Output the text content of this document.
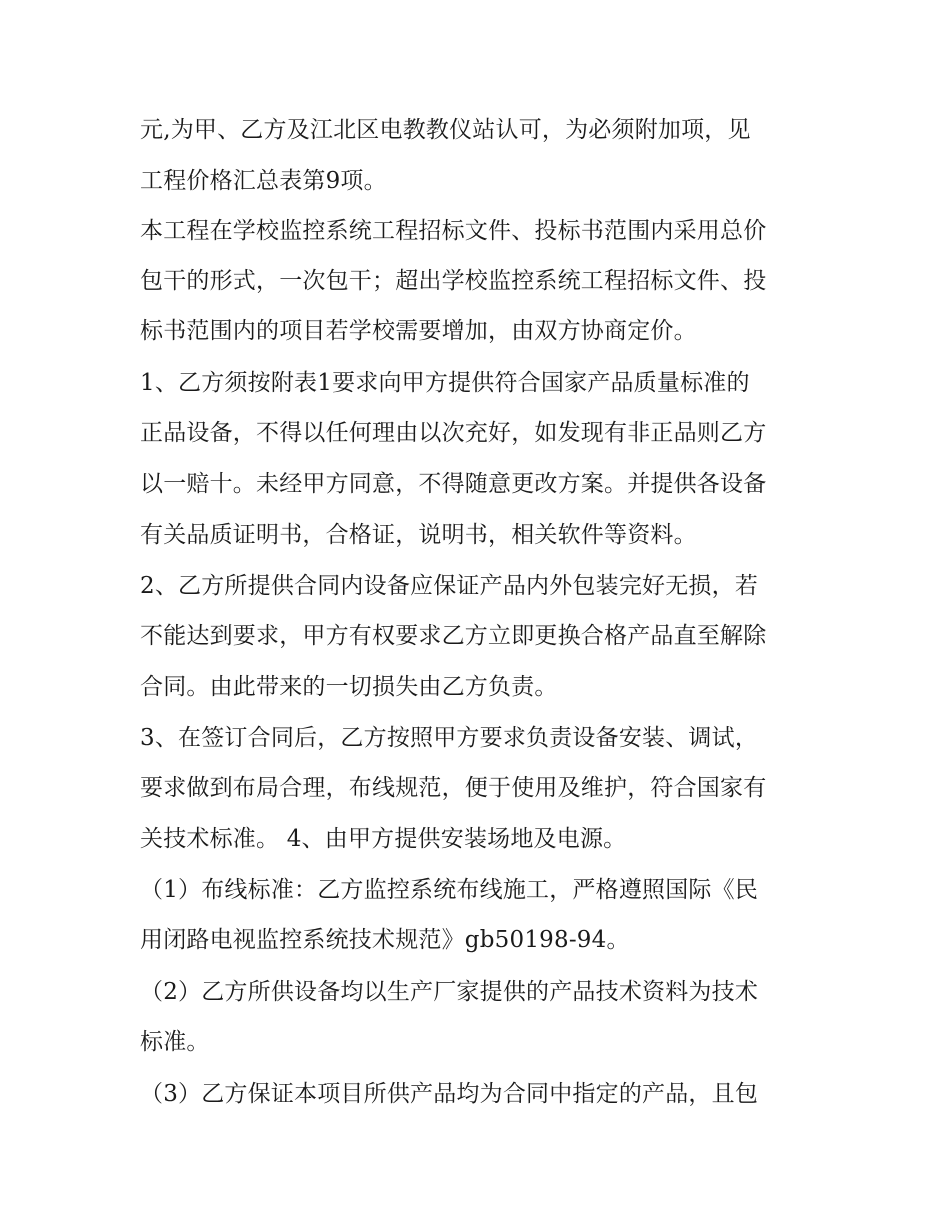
元,为甲、乙方及江北区电教教仪站认可，为必须附加项，见
工程价格汇总表第9项。
本工程在学校监控系统工程招标文件、投标书范围内采用总价
包干的形式，一次包干；超出学校监控系统工程招标文件、投
标书范围内的项目若学校需要增加，由双方协商定价。
1、乙方须按附表1要求向甲方提供符合国家产品质量标准的
正品设备，不得以任何理由以次充好，如发现有非正品则乙方
以一赔十。未经甲方同意，不得随意更改方案。并提供各设备
有关品质证明书，合格证，说明书，相关软件等资料。
2、乙方所提供合同内设备应保证产品内外包装完好无损，若
不能达到要求，甲方有权要求乙方立即更换合格产品直至解除
合同。由此带来的一切损失由乙方负责。
3、在签订合同后，乙方按照甲方要求负责设备安装、调试，
要求做到布局合理，布线规范，便于使用及维护，符合国家有
关技术标准。 4、由甲方提供安装场地及电源。
（1）布线标准：乙方监控系统布线施工，严格遵照国际《民
用闭路电视监控系统技术规范》gb50198-94。
（2）乙方所供设备均以生产厂家提供的产品技术资料为技术
标准。
（3）乙方保证本项目所供产品均为合同中指定的产品，且包
